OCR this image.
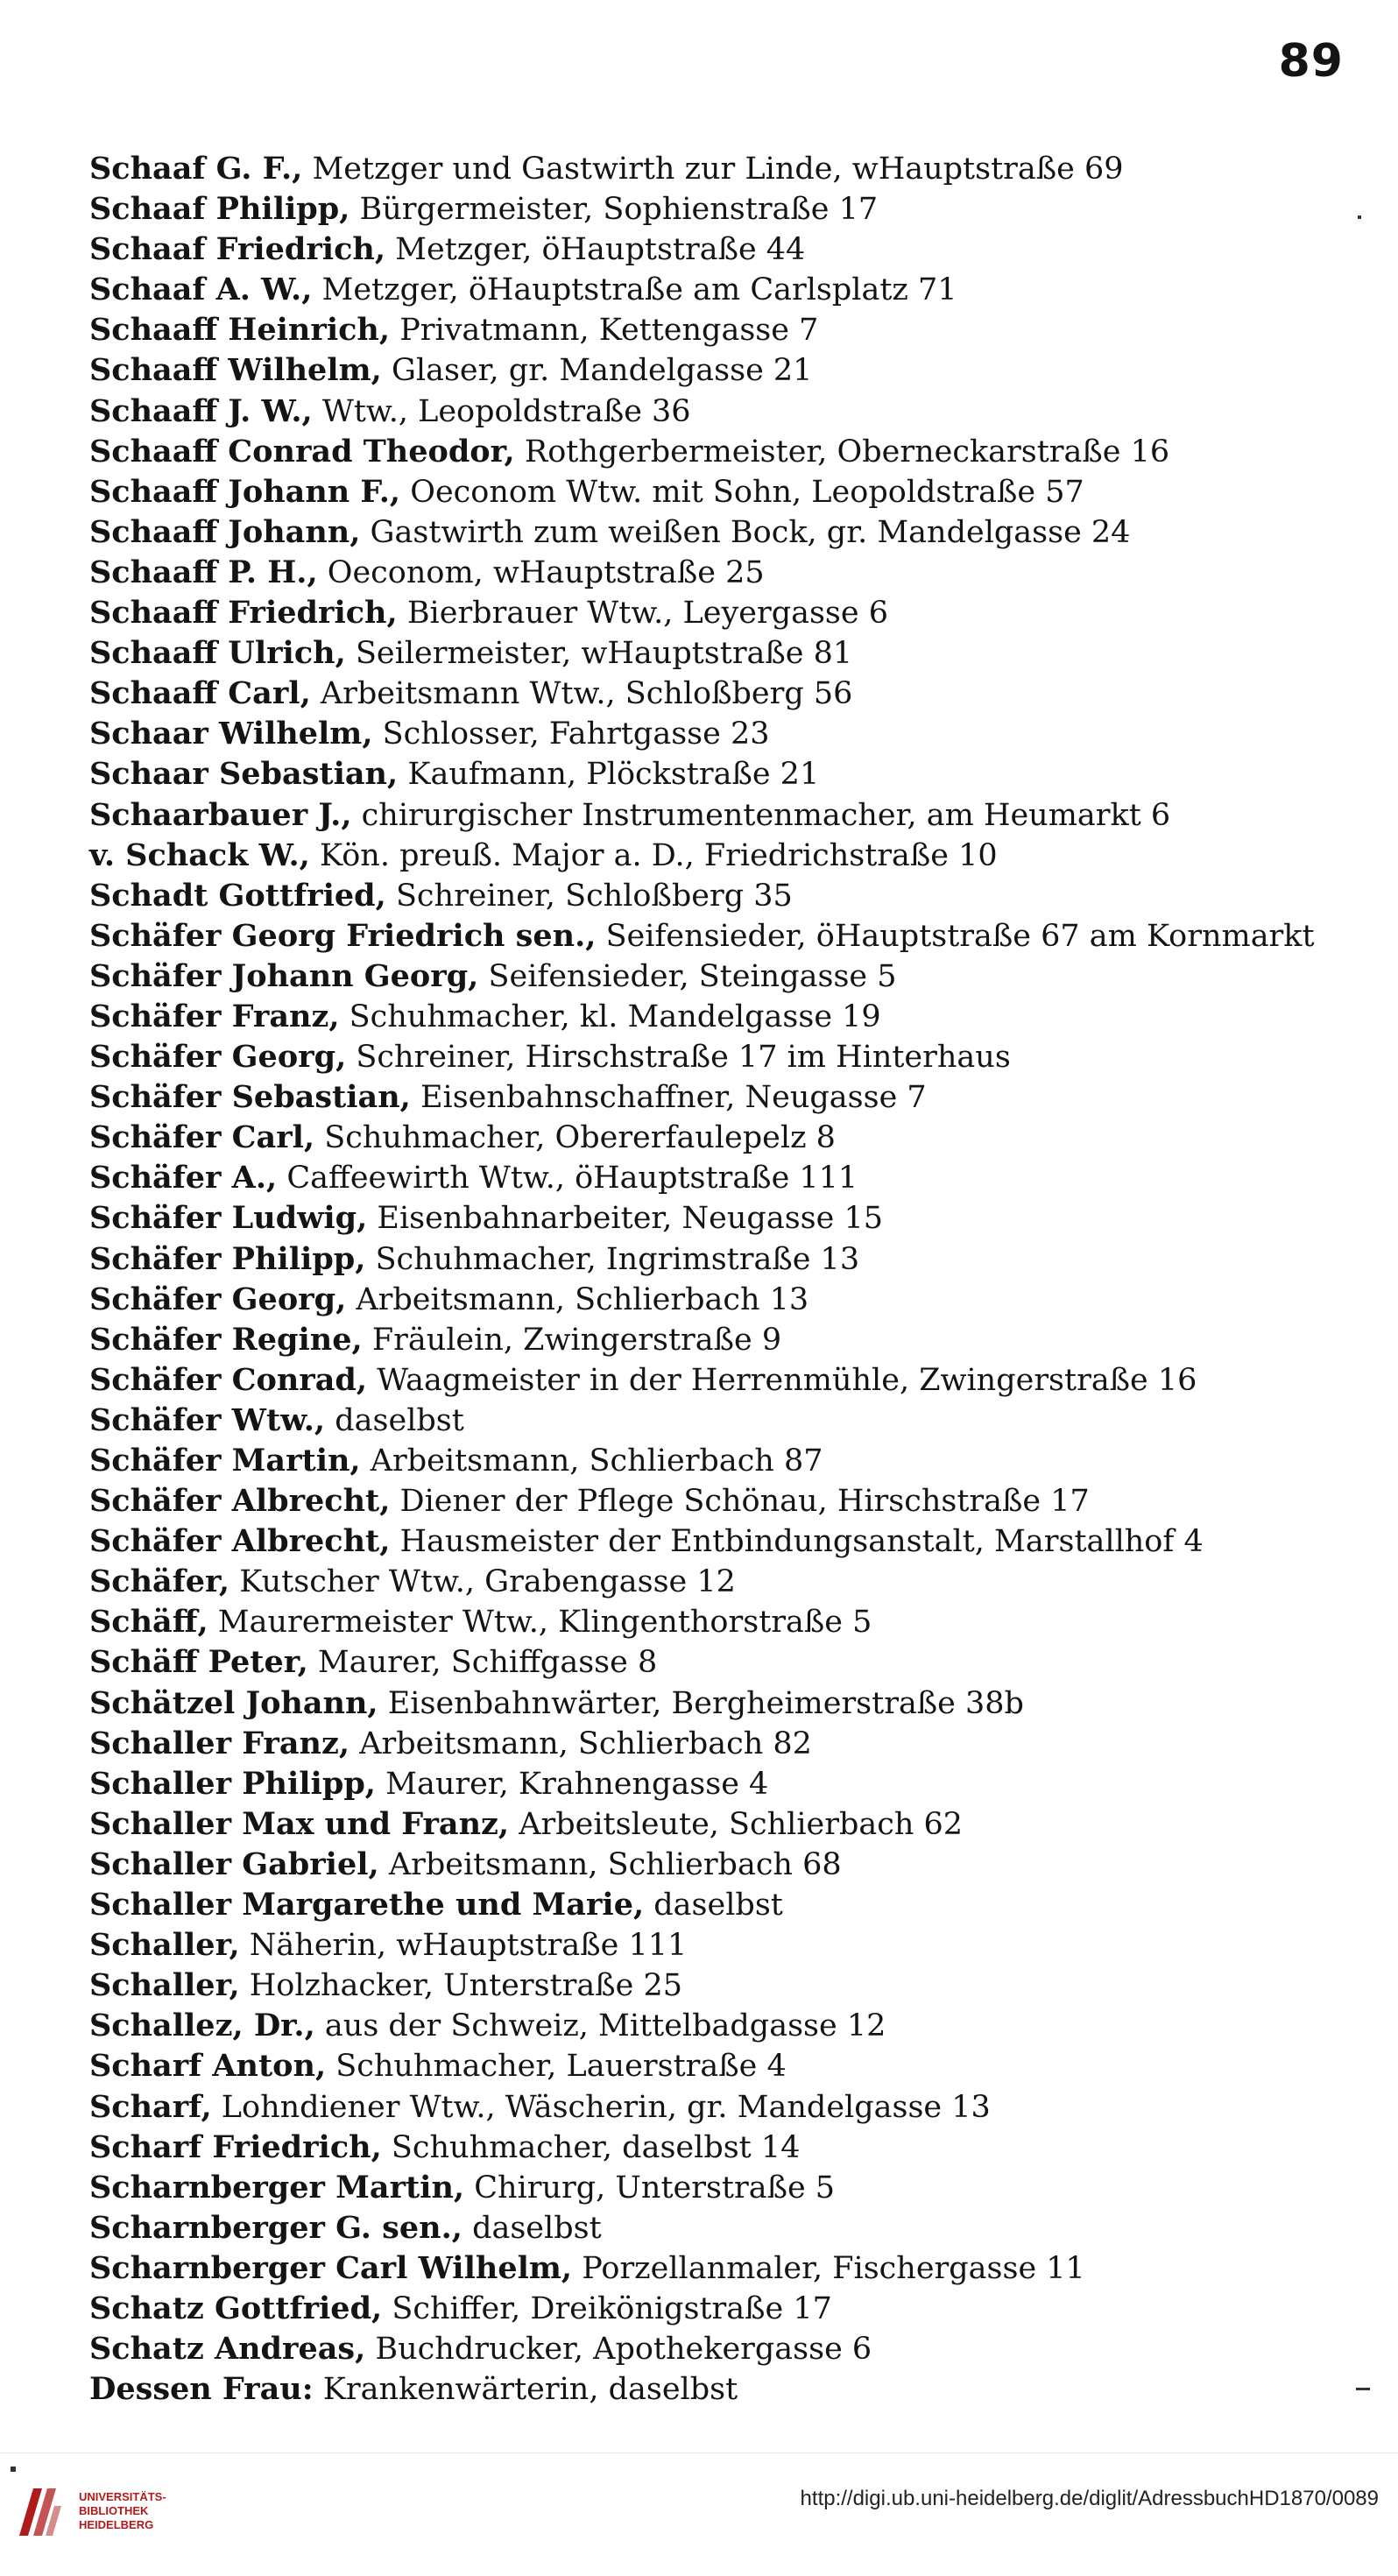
89
Schaaf G. F., Metzger und Gastwirth zur Linde, wHauptstraße 69
Schaaf Philipp, Bürgermeister, Sophienstraße 17
Schaaf Friedrich, Metzger, öHauptstraße 44
Schaaf A. W., Metzger, öHauptstraße am Carlsplatz 71
Schaaff Heinrich, Privatmann, Kettengasse 7
Schaaff Wilhelm, Glaser, gr. Mandelgasse 21
Schaaff J. W., Wtw., Leopoldstraße 36
Schaaff Conrad Theodor, Rothgerbermeister, Oberneckarstraße 16
Schaaff Johann F., Oeconom Wtw. mit Sohn, Leopoldstraße 57
Schaaff Johann, Gastwirth zum weißen Bock, gr. Mandelgasse 24
Schaaff P. H., Oeconom, wHauptstraße 25
Schaaff Friedrich, Bierbrauer Wtw., Leyergasse 6
Schaaff Ulrich, Seilermeister, wHauptstraße 81
Schaaff Carl, Arbeitsmann Wtw., Schloßberg 56
Schaar Wilhelm, Schlosser, Fahrtgasse 23
Schaar Sebastian, Kaufmann, Plöckstraße 21
Schaarbauer J., chirurgischer Instrumentenmacher, am Heumarkt 6
v. Schack W., Kön. preuß. Major a. D., Friedrichstraße 10
Schadt Gottfried, Schreiner, Schloßberg 35
Schäfer Georg Friedrich sen., Seifensieder, öHauptstraße 67 am Kornmarkt
Schäfer Johann Georg, Seifensieder, Steingasse 5
Schäfer Franz, Schuhmacher, kl. Mandelgasse 19
Schäfer Georg, Schreiner, Hirschstraße 17 im Hinterhaus
Schäfer Sebastian, Eisenbahnschaffner, Neugasse 7
Schäfer Carl, Schuhmacher, Obererfaulepelz 8
Schäfer A., Caffeewirth Wtw., öHauptstraße 111
Schäfer Ludwig, Eisenbahnarbeiter, Neugasse 15
Schäfer Philipp, Schuhmacher, Ingrimstraße 13
Schäfer Georg, Arbeitsmann, Schlierbach 13
Schäfer Regine, Fräulein, Zwingerstraße 9
Schäfer Conrad, Waagmeister in der Herrenmühle, Zwingerstraße 16
Schäfer Wtw., daselbst
Schäfer Martin, Arbeitsmann, Schlierbach 87
Schäfer Albrecht, Diener der Pflege Schönau, Hirschstraße 17
Schäfer Albrecht, Hausmeister der Entbindungsanstalt, Marstallhof 4
Schäfer, Kutscher Wtw., Grabengasse 12
Schäff, Maurermeister Wtw., Klingenthorstraße 5
Schäff Peter, Maurer, Schiffgasse 8
Schätzel Johann, Eisenbahnwärter, Bergheimerstraße 38b
Schaller Franz, Arbeitsmann, Schlierbach 82
Schaller Philipp, Maurer, Krahnengasse 4
Schaller Max und Franz, Arbeitsleute, Schlierbach 62
Schaller Gabriel, Arbeitsmann, Schlierbach 68
Schaller Margarethe und Marie, daselbst
Schaller, Näherin, wHauptstraße 111
Schaller, Holzhacker, Unterstraße 25
Schallez, Dr., aus der Schweiz, Mittelbadgasse 12
Scharf Anton, Schuhmacher, Lauerstraße 4
Scharf, Lohndiener Wtw., Wäscherin, gr. Mandelgasse 13
Scharf Friedrich, Schuhmacher, daselbst 14
Scharnberger Martin, Chirurg, Unterstraße 5
Scharnberger G. sen., daselbst
Scharnberger Carl Wilhelm, Porzellanmaler, Fischergasse 11
Schatz Gottfried, Schiffer, Dreikönigstraße 17
Schatz Andreas, Buchdrucker, Apothekergasse 6
Dessen Frau: Krankenwärterin, daselbst
UNIVERSITÄTS-
BIBLIOTHEK
HEIDELBERG
http://digi.ub.uni-heidelberg.de/diglit/AdressbuchHD1870/0089
